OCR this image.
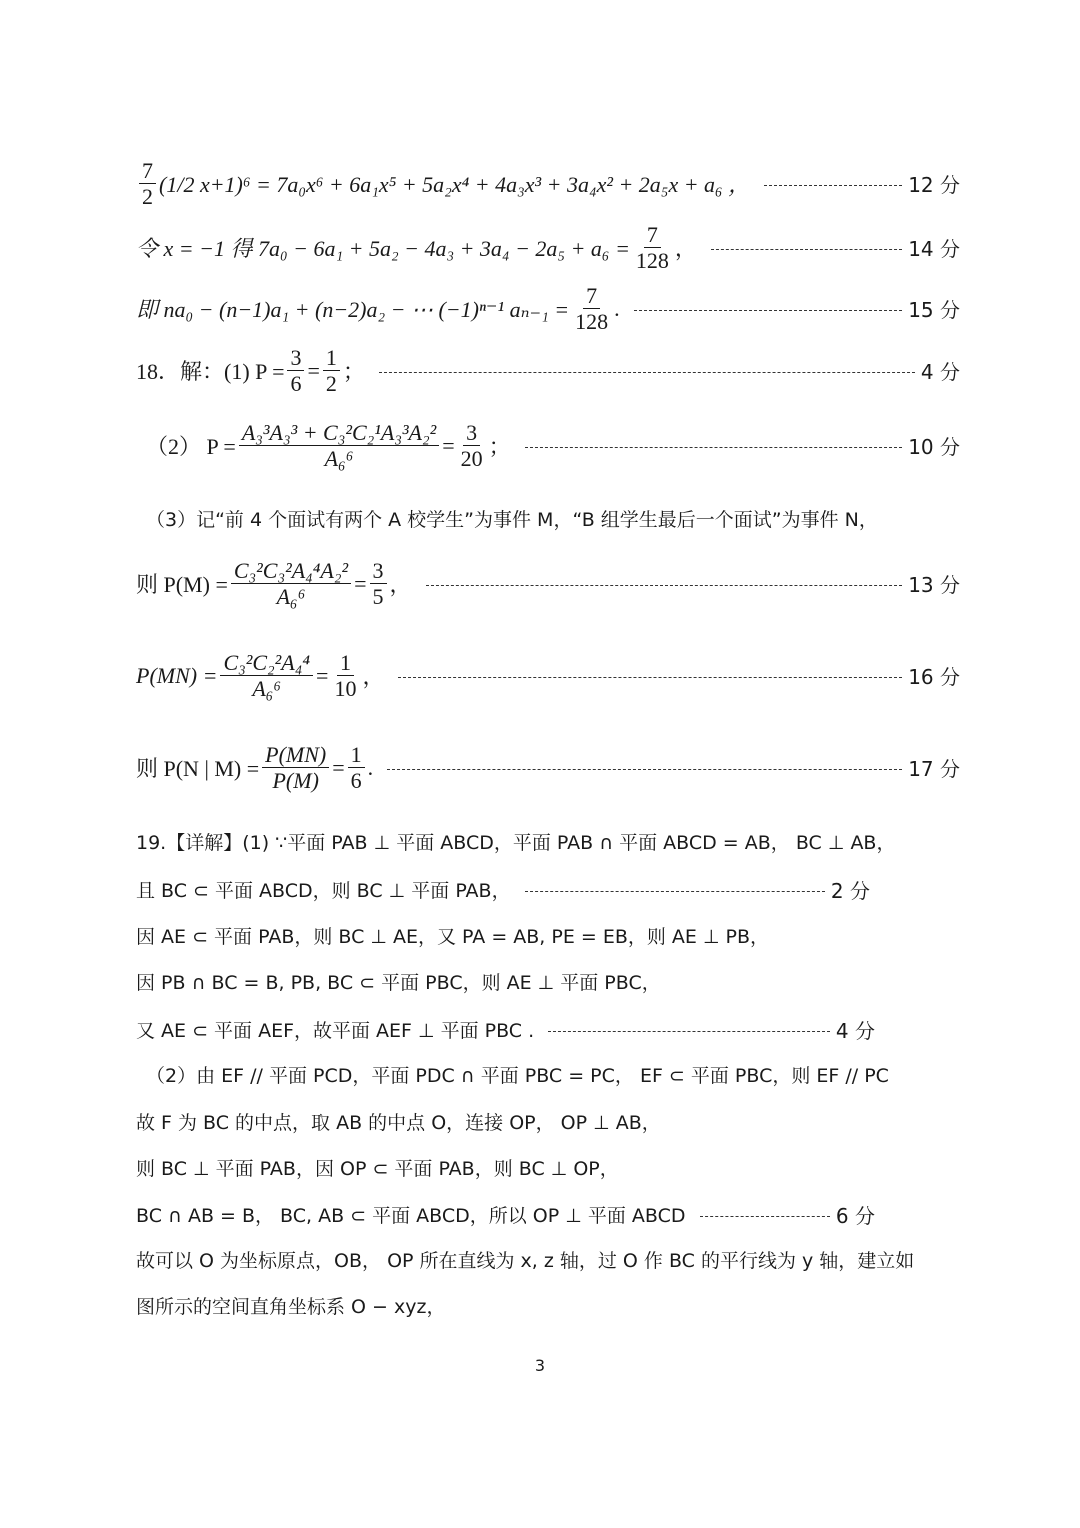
$\frac{7}{2} (1/2$ x+1)⁶ = 7a₀x⁶ + 6a₁x⁵ + 5a₂x⁴ + 4a₃x³ + 3a₄x² + 2a₅x + a₆ ，	12 分
令 x = −1 得 $7a_0 - 6a_1 + 5a_2 - 4a_3 + 3a_4 - 2a_5 + a_6 = \frac{7}{128}$ ，	14 分
即 na₀ − (n−1)a₁ + (n−2)a₂ − ⋯ (−1)ⁿ⁻¹ $a_{n-1} = \frac{7}{128}$ .	15 分
18．解：(1) $P = \frac{3}{6} = \frac{1}{2}$ ；	4 分
（2） $P = \frac{\text{A₃³A₃³ + C₃²C₂¹A₃³A₂²}}{\text{A₆⁶}} = \frac{3}{20}$ ；	10 分
（3）记“前 4 个面试有两个 A 校学生”为事件 M，“B 组学生最后一个面试”为事件 N，
则 $P(M) = \frac{\text{C₃²C₃²A₄⁴A₂²}}{\text{A₆⁶}} = \frac{3}{5}$ ，	13 分
$P(MN) = \frac{\text{C₃²C₂²A₄⁴}}{\text{A₆⁶}} = \frac{1}{10}$ ，	16 分
则 P(N | $M) = \frac{P(MN)}{P(M)} = \frac{1}{6}$ .	17 分
19.【详解】(1) ∵平面 PAB ⊥ 平面 ABCD，平面 PAB ∩ 平面 ABCD = AB， BC ⊥ AB，
且 BC ⊂ 平面 ABCD，则 BC ⊥ 平面 PAB，	2 分
因 AE ⊂ 平面 PAB，则 BC ⊥ AE，又 PA = AB, PE = EB，则 AE ⊥ PB，
因 PB ∩ BC = B, PB, BC ⊂ 平面 PBC，则 AE ⊥ 平面 PBC，
又 AE ⊂ 平面 AEF，故平面 AEF ⊥ 平面 PBC .	4 分
（2）由 EF // 平面 PCD，平面 PDC ∩ 平面 PBC = PC， EF ⊂ 平面 PBC，则 EF // PC
故 F 为 BC 的中点，取 AB 的中点 O，连接 OP， OP ⊥ AB，
则 BC ⊥ 平面 PAB，因 OP ⊂ 平面 PAB，则 BC ⊥ OP，
BC ∩ AB = B， BC, AB ⊂ 平面 ABCD，所以 OP ⊥ 平面 ABCD	6 分
故可以 O 为坐标原点，OB， OP 所在直线为 x, z 轴，过 O 作 BC 的平行线为 y 轴，建立如
图所示的空间直角坐标系 O − xyz，
3
